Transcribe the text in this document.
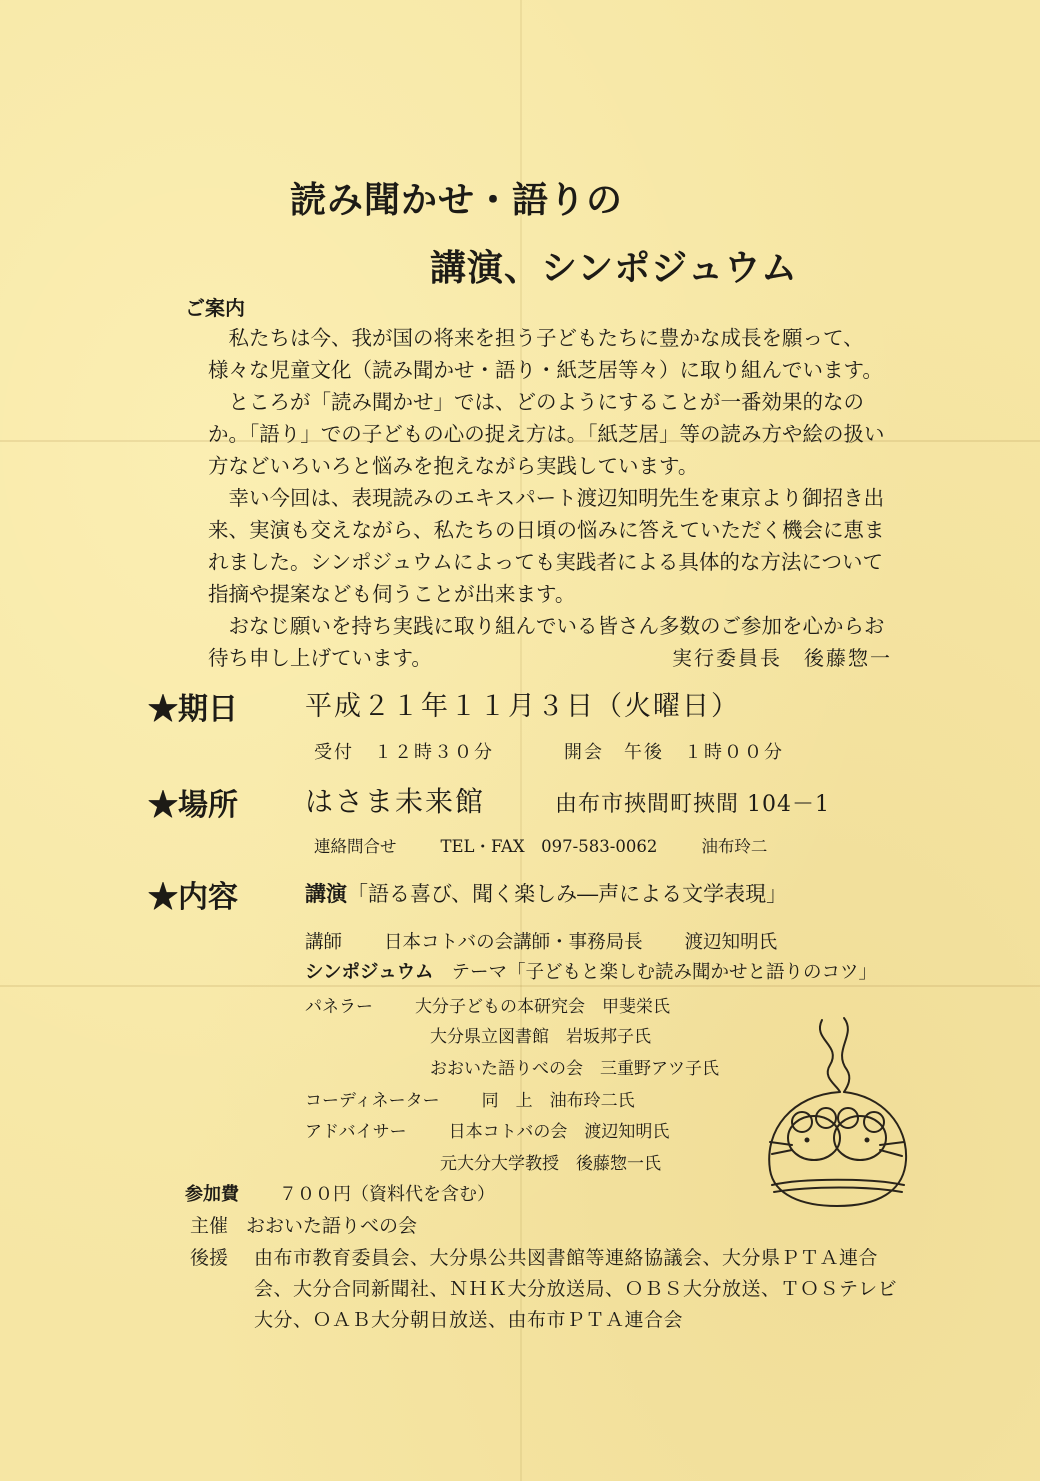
読み聞かせ・語りの
講演、シンポジュウム
ご案内
　私たちは今、我が国の将来を担う子どもたちに豊かな成長を願って、様々な児童文化（読み聞かせ・語り・紙芝居等々）に取り組んでいます。
　ところが「読み聞かせ」では、どのようにすることが一番効果的なのか。「語り」での子どもの心の捉え方は。「紙芝居」等の読み方や絵の扱い方などいろいろと悩みを抱えながら実践しています。
　幸い今回は、表現読みのエキスパート渡辺知明先生を東京より御招き出来、実演も交えながら、私たちの日頃の悩みに答えていただく機会に恵まれました。シンポジュウムによっても実践者による具体的な方法について指摘や提案なども伺うことが出来ます。
　おなじ願いを持ち実践に取り組んでいる皆さん多数のご参加を心からお待ち申し上げています。	実行委員長　後藤惣一
★期日 平成２１年１１月３日（火曜日）
受付　１２時３０分	開会　午後　１時００分
★場所 はさま未来館	由布市挾間町挾間 104－1
連絡問合せ	TEL・FAX　097-583-0062	油布玲二
★内容	講演「語る喜び、聞く楽しみ―声による文学表現」
講師 日本コトバの会講師・事務局長 渡辺知明氏
シンポジュウム テーマ「子どもと楽しむ読み聞かせと語りのコツ」
パネラー 大分子どもの本研究会　甲斐栄氏
大分県立図書館　岩坂邦子氏
おおいた語りべの会　三重野アツ子氏
コーディネーター 同　上　油布玲二氏
アドバイサー 日本コトバの会　渡辺知明氏
元大分大学教授　後藤惣一氏
参加費 ７００円（資料代を含む）
主催 おおいた語りべの会
後援 由布市教育委員会、大分県公共図書館等連絡協議会、大分県ＰＴＡ連合会、大分合同新聞社、ＮＨＫ大分放送局、ＯＢＳ大分放送、ＴＯＳテレビ大分、ＯＡＢ大分朝日放送、由布市ＰＴＡ連合会
